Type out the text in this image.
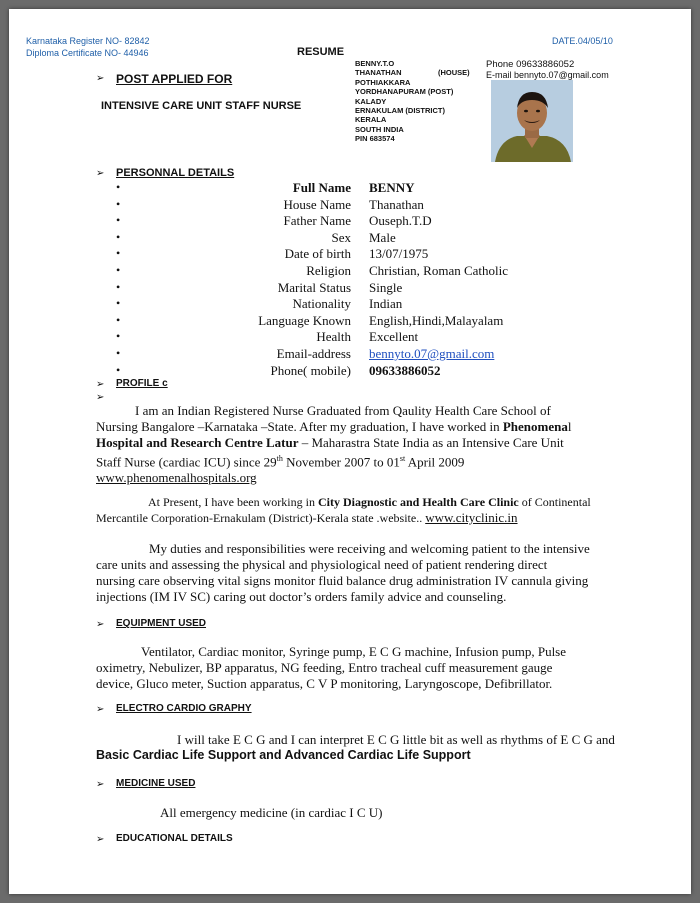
Karnataka Register NO- 82842
Diploma Certificate NO- 44946
DATE.04/05/10
RESUME
➢ POST APPLIED FOR
INTENSIVE CARE UNIT STAFF NURSE
BENNY.T.O
THANATHAN	(HOUSE)
POTHIAKKARA
YORDHANAPURAM (POST)
KALADY
ERNAKULAM (DISTRICT)
KERALA
SOUTH INDIA
PIN 683574
Phone 09633886052
E-mail bennyto.07@gmail.com
➢ PERSONNAL DETAILS
•	Full Name BENNY
•	House Name Thanathan
•	Father Name Ouseph.T.D
•	Sex Male
•	Date of birth 13/07/1975
•	Religion Christian, Roman Catholic
•	Marital Status Single
•	Nationality Indian
•	Language Known English,Hindi,Malayalam
•	Health Excellent
•	Email-address bennyto.07@gmail.com
•	Phone( mobile) 09633886052
➢ PROFILE c
➢
I am an Indian Registered Nurse Graduated from Qaulity Health Care School of
Nursing Bangalore –Karnataka –State. After my graduation, I have worked in Phenomenal
Hospital and Research Centre Latur – Maharastra State India as an Intensive Care Unit
Staff Nurse (cardiac ICU) since 29th November 2007 to 01st April 2009
www.phenomenalhospitals.org
At Present, I have been working in City Diagnostic and Health Care Clinic of Continental
Mercantile Corporation-Ernakulam (District)-Kerala state .website.. www.cityclinic.in
My duties and responsibilities were receiving and welcoming patient to the intensive
care units and assessing the physical and physiological need of patient rendering direct
nursing care observing vital signs monitor fluid balance drug administration IV cannula giving
injections (IM IV SC) caring out doctor’s orders family advice and counseling.
➢ EQUIPMENT USED
Ventilator, Cardiac monitor, Syringe pump, E C G machine, Infusion pump, Pulse
oximetry, Nebulizer, BP apparatus, NG feeding, Entro tracheal cuff measurement gauge
device, Gluco meter, Suction apparatus, C V P monitoring, Laryngoscope, Defibrillator.
➢ ELECTRO CARDIO GRAPHY
I will take E C G and I can interpret E C G little bit as well as rhythms of E C G and
Basic Cardiac Life Support and Advanced Cardiac Life Support
➢ MEDICINE USED
All emergency medicine (in cardiac I C U)
➢ EDUCATIONAL DETAILS
